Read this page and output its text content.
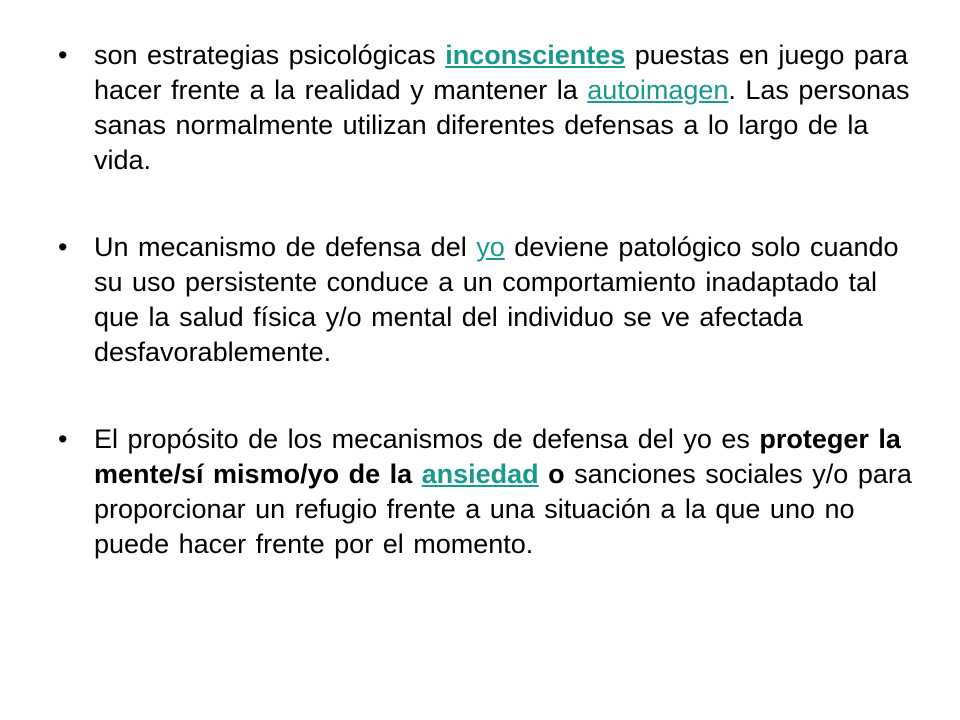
• son estrategias psicológicas inconscientes puestas en juego para hacer frente a la realidad y mantener la autoimagen. Las personas sanas normalmente utilizan diferentes defensas a lo largo de la vida.
• Un mecanismo de defensa del yo deviene patológico solo cuando su uso persistente conduce a un comportamiento inadaptado tal que la salud física y/o mental del individuo se ve afectada desfavorablemente.
• El propósito de los mecanismos de defensa del yo es proteger la mente/sí mismo/yo de la ansiedad o sanciones sociales y/o para proporcionar un refugio frente a una situación a la que uno no puede hacer frente por el momento.
